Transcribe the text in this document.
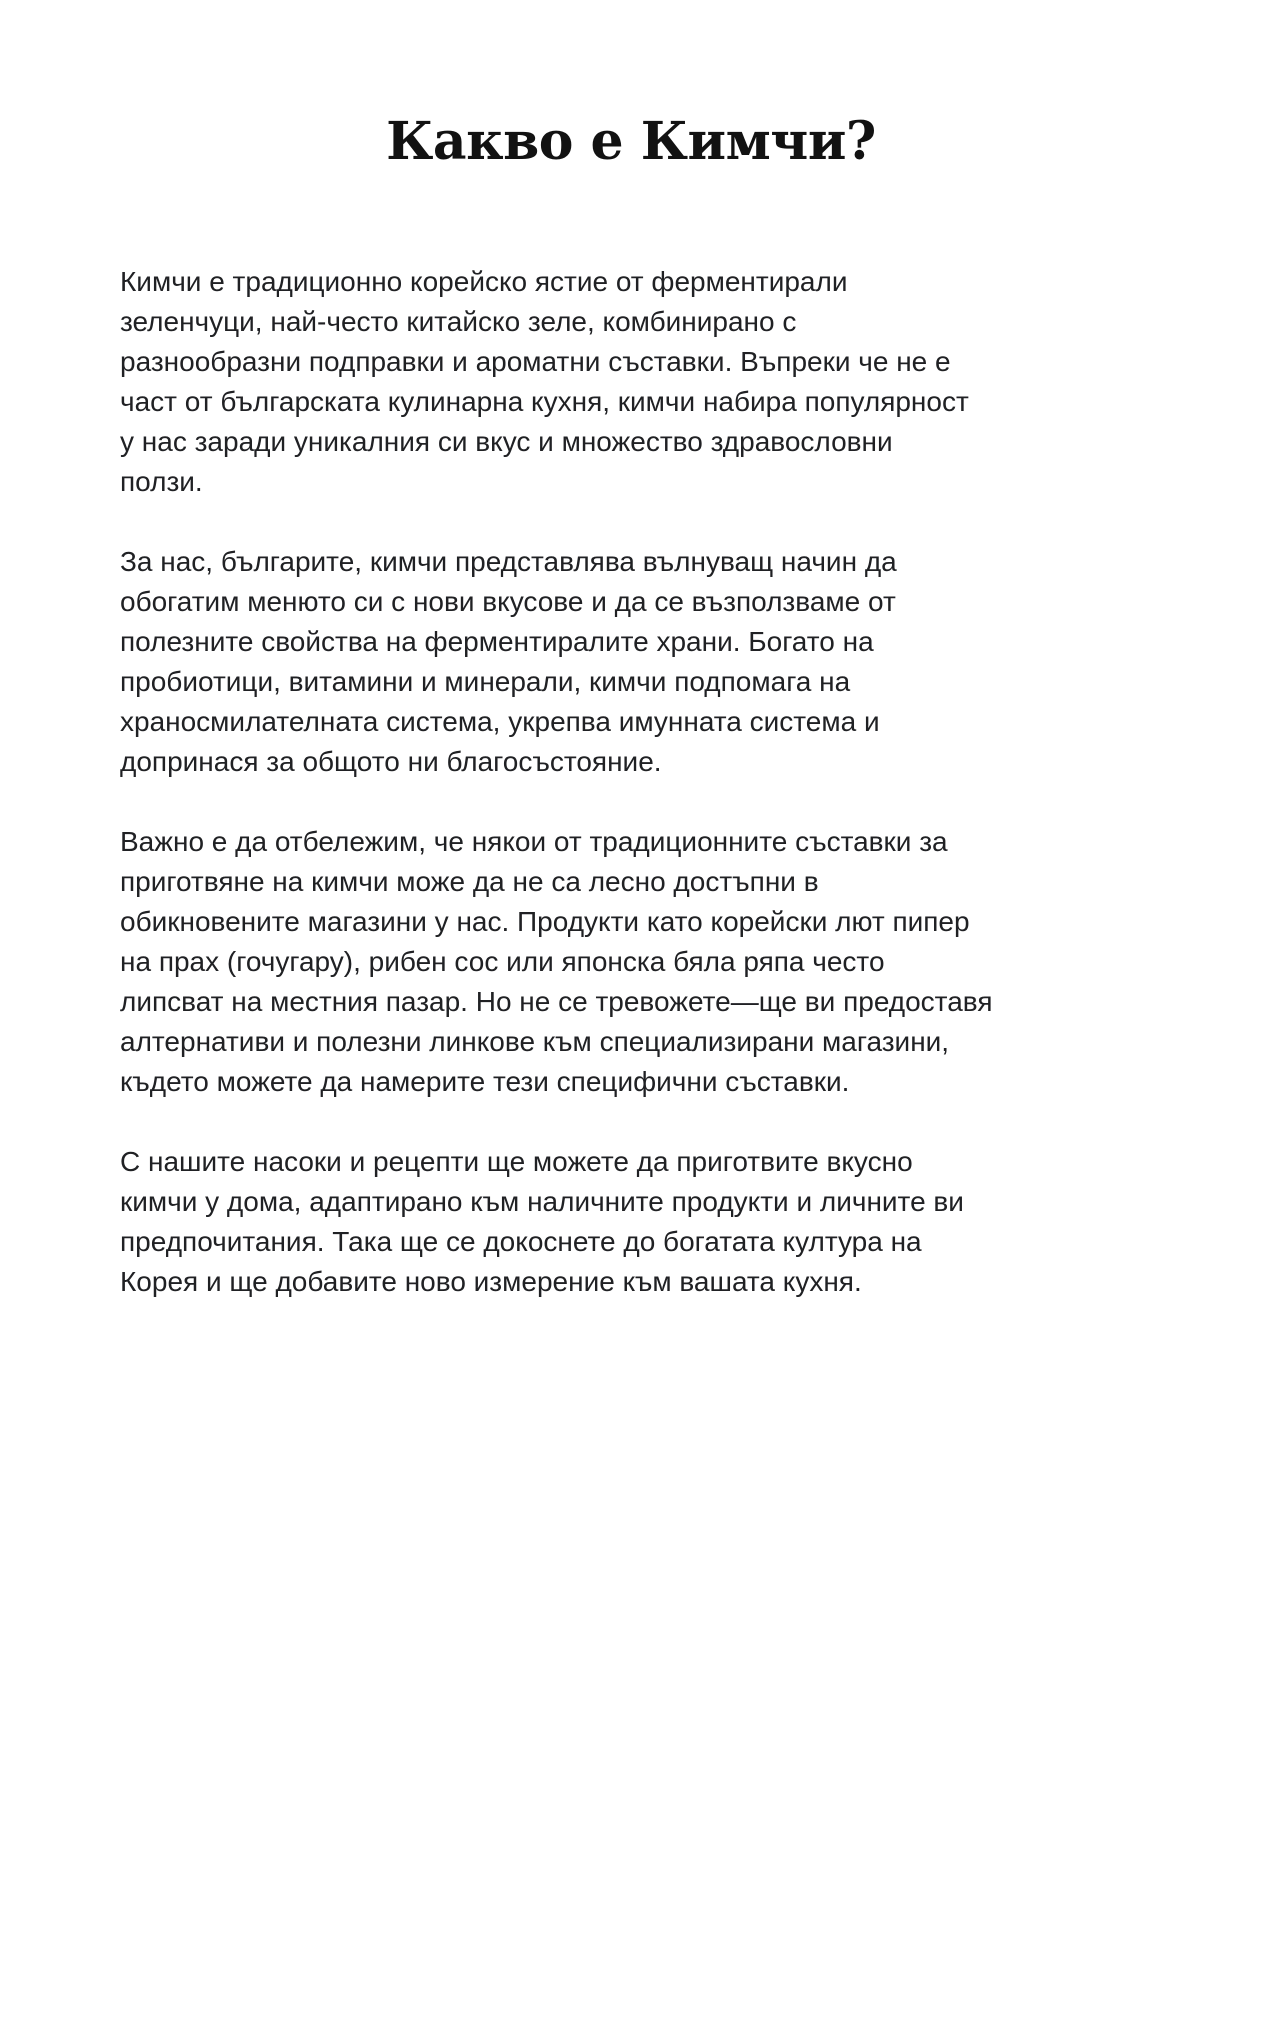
Какво е Кимчи?

Кимчи е традиционно корейско ястие от ферментирали
зеленчуци, най-често китайско зеле, комбинирано с
разнообразни подправки и ароматни съставки. Въпреки че не е
част от българската кулинарна кухня, кимчи набира популярност
у нас заради уникалния си вкус и множество здравословни
ползи.

За нас, българите, кимчи представлява вълнуващ начин да
обогатим менюто си с нови вкусове и да се възползваме от
полезните свойства на ферментиралите храни. Богато на
пробиотици, витамини и минерали, кимчи подпомага на
храносмилателната система, укрепва имунната система и
допринася за общото ни благосъстояние.

Важно е да отбележим, че някои от традиционните съставки за
приготвяне на кимчи може да не са лесно достъпни в
обикновените магазини у нас. Продукти като корейски лют пипер
на прах (гочугару), рибен сос или японска бяла ряпа често
липсват на местния пазар. Но не се тревожете—ще ви предоставя
алтернативи и полезни линкове към специализирани магазини,
където можете да намерите тези специфични съставки.

С нашите насоки и рецепти ще можете да приготвите вкусно
кимчи у дома, адаптирано към наличните продукти и личните ви
предпочитания. Така ще се докоснете до богатата култура на
Корея и ще добавите ново измерение към вашата кухня.
